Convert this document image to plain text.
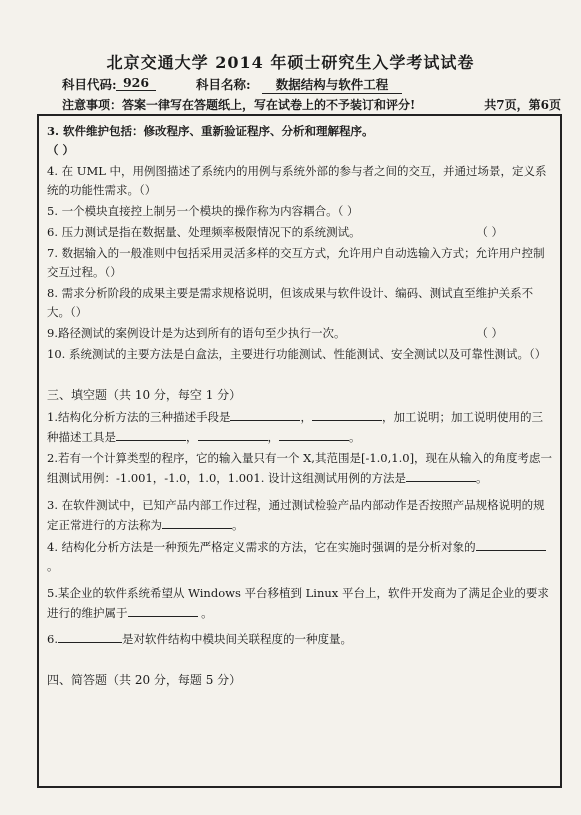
北京交通大学 2014 年硕士研究生入学考试试卷
科目代码: 926	科目名称:	数据结构与软件工程
注意事项：答案一律写在答题纸上，写在试卷上的不予装订和评分!	共7页，第6页

3. 软件维护包括：修改程序、重新验证程序、分析和理解程序。
（ ）

4. 在 UML 中，用例图描述了系统内的用例与系统外部的参与者之间的交互，并通过场景，定义系统的功能性需求。（）

5. 一个模块直接控上制另一个模块的操作称为内容耦合。（ ）

6. 压力测试是指在数据量、处理频率极限情况下的系统测试。	（ ）

7. 数据输入的一般准则中包括采用灵活多样的交互方式，允许用户自动选输入方式；允许用户控制交互过程。（）

8. 需求分析阶段的成果主要是需求规格说明，但该成果与软件设计、编码、测试直至维护关系不大。（）

9.路径测试的案例设计是为达到所有的语句至少执行一次。	（ ）

10. 系统测试的主要方法是白盒法，主要进行功能测试、性能测试、安全测试以及可靠性测试。（）

三、填空题（共 10 分，每空 1 分）

1.结构化分析方法的三种描述手段是	，	，加工说明；加工说明使用的三种描述工具是	，	，	。

2.若有一个计算类型的程序，它的输入量只有一个 X,其范围是[-1.0,1.0]，现在从输入的角度考虑一组测试用例：-1.001，-1.0，1.0，1.001. 设计这组测试用例的方法是	。

3. 在软件测试中，已知产品内部工作过程，通过测试检验产品内部动作是否按照产品规格说明的规定正常进行的方法称为	。

4. 结构化分析方法是一种预先严格定义需求的方法，它在实施时强调的是分析对象的。

5.某企业的软件系统希望从 Windows 平台移植到 Linux 平台上，软件开发商为了满足企业的要求进行的维护属于	。

6.	是对软件结构中模块间关联程度的一种度量。

四、简答题（共 20 分，每题 5 分）
